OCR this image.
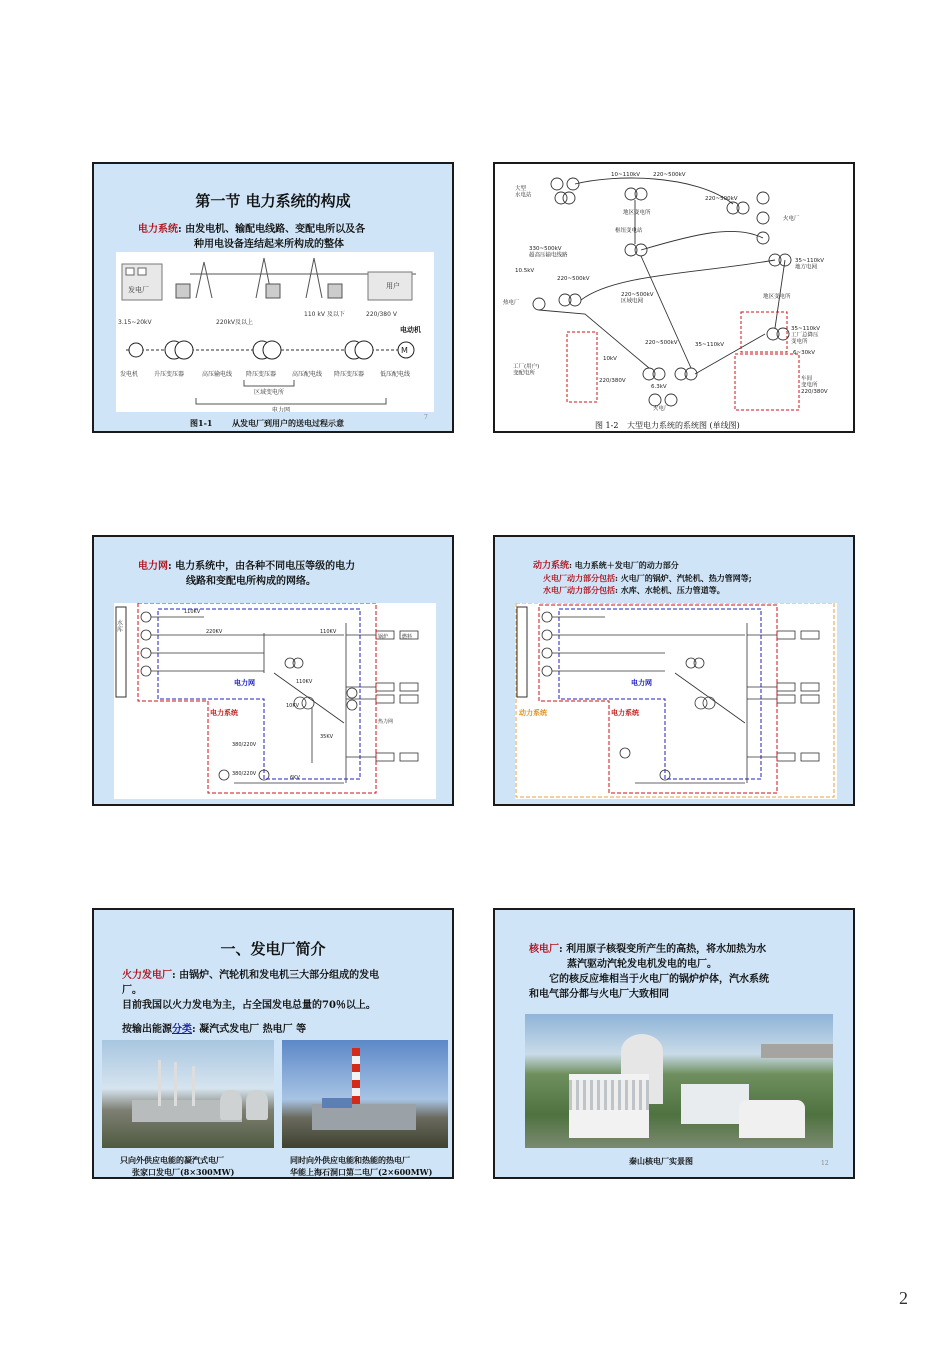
第一节 电力系统的构成
电力系统: 由发电机、输配电线路、变配电所以及各
种用电设备连结起来所构成的整体
发电厂	用户
3.15~20kV	220kV及以上
110 kV 及以下	220/380 V
电动机
M
发电机	升压变压器	高压输电线 降压变压器	高压配电线 降压变压器	低压配电线
区域变电所
电力网
图1-1 从发电厂到用户的送电过程示意
7
大型水电站
10~110kV 220~500kV
地区变电所
枢纽变电站
330~500kV 超高压输电线路
220~500kV
火电厂
10.5kV
220~500kV
热电厂
220~500kV 区域电网
35~110kV 地方电网
地区变电所
35~110kV 工厂总降压变电所
6~30kV
220~500kV	35~110kV
工厂(用户)变配电所
10kV
220/380V
6.3kV
火电厂
车间变电所 220/380V
图 1-2 大型电力系统的系统图 (单线图)
电力网: 电力系统中，由各种不同电压等级的电力
线路和变配电所构成的网络。
水库
110KV
220KV	110KV
110KV
10KV
35KV
6KV
380/220V
380/220V
锅炉	燃料
热力网
电力网
电力系统
动力系统: 电力系统＋发电厂的动力部分
火电厂动力部分包括: 火电厂的锅炉、汽轮机、热力管网等;
水电厂动力部分包括: 水库、水轮机、压力管道等。
电力网
电力系统
动力系统
一、发电厂简介
火力发电厂: 由锅炉、汽轮机和发电机三大部分组成的发电
厂。
目前我国以火力发电为主，占全国发电总量的70％以上。
按输出能源分类: 凝汽式发电厂 热电厂 等
只向外供应电能的凝汽式电厂
张家口发电厂(8×300MW)
同时向外供应电能和热能的热电厂
华能上海石洞口第二电厂(2×600MW)
核电厂: 利用原子核裂变所产生的高热，将水加热为水
蒸汽驱动汽轮发电机发电的电厂。
它的核反应堆相当于火电厂的锅炉炉体，汽水系统
和电气部分都与火电厂大致相同
秦山核电厂实景图	12
2
